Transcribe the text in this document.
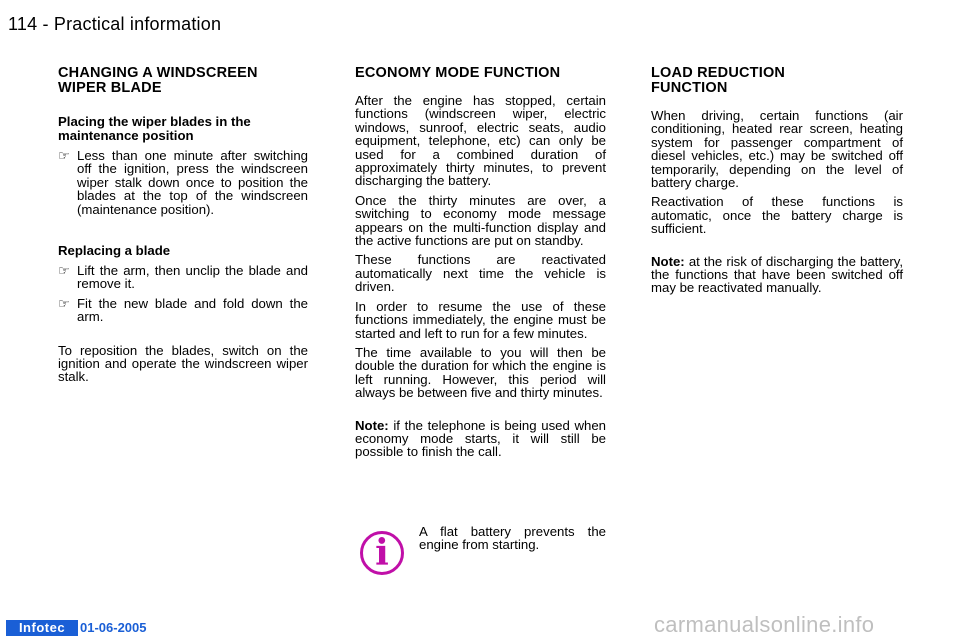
114 - Practical information
CHANGING A WINDSCREEN
WIPER BLADE
Placing the wiper blades in the
maintenance position
☞ Less than one minute after switching off the ignition, press the windscreen wiper stalk down once to position the blades at the top of the windscreen (maintenance position).
Replacing a blade
☞ Lift the arm, then unclip the blade and remove it.
☞ Fit the new blade and fold down the arm.

To reposition the blades, switch on the ignition and operate the windscreen wiper stalk.

ECONOMY MODE FUNCTION

After the engine has stopped, certain functions (windscreen wiper, electric windows, sunroof, electric seats, audio equipment, telephone, etc) can only be used for a combined duration of approximately thirty minutes, to prevent discharging the battery.

Once the thirty minutes are over, a switching to economy mode message appears on the multi-function display and the active functions are put on standby.

These functions are reactivated automatically next time the vehicle is driven.

In order to resume the use of these functions immediately, the engine must be started and left to run for a few minutes.

The time available to you will then be double the duration for which the engine is left running. However, this period will always be between five and thirty minutes.

Note: if the telephone is being used when economy mode starts, it will still be possible to finish the call.

i
A flat battery prevents the engine from starting.
LOAD REDUCTION
FUNCTION

When driving, certain functions (air conditioning, heated rear screen, heating system for passenger compartment of diesel vehicles, etc.) may be switched off temporarily, depending on the level of battery charge.

Reactivation of these functions is automatic, once the battery charge is sufficient.

Note: at the risk of discharging the battery, the functions that have been switched off may be reactivated manually.

Infotec	01-06-2005	carmanualsonline.info
